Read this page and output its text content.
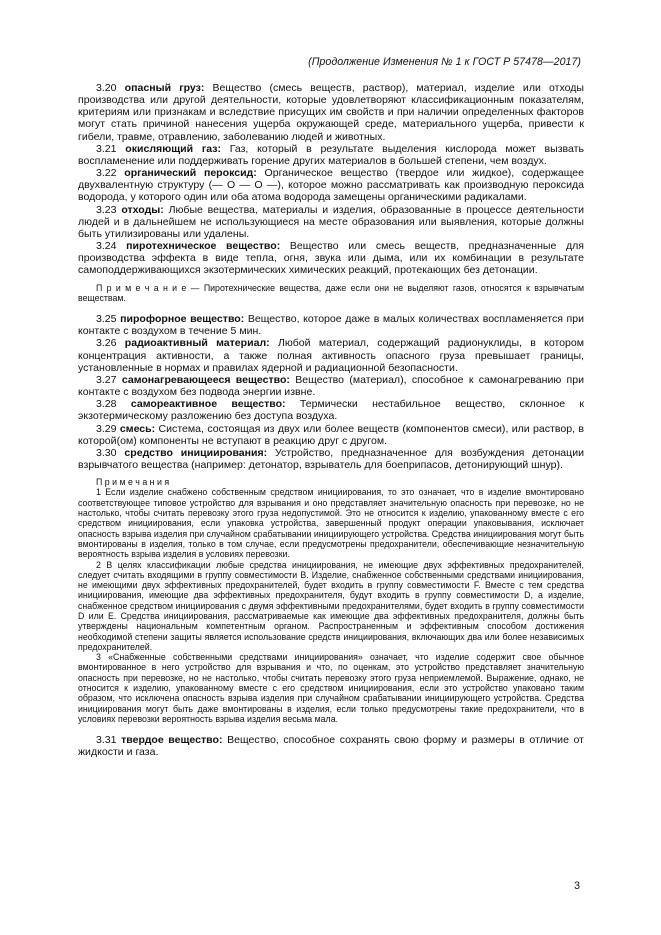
(Продолжение Изменения № 1 к ГОСТ Р 57478—2017)
3.20 опасный груз: Вещество (смесь веществ, раствор), материал, изделие или отходы производства или другой деятельности, которые удовлетворяют классификационным показателям, критериям или признакам и вследствие присущих им свойств и при наличии определенных факторов могут стать причиной нанесения ущерба окружающей среде, материального ущерба, привести к гибели, травме, отравлению, заболеванию людей и животных.
3.21 окисляющий газ: Газ, который в результате выделения кислорода может вызвать воспламенение или поддерживать горение других материалов в большей степени, чем воздух.
3.22 органический пероксид: Органическое вещество (твердое или жидкое), содержащее двухвалентную структуру (— О — О —), которое можно рассматривать как производную пероксида водорода, у которого один или оба атома водорода замещены органическими радикалами.
3.23 отходы: Любые вещества, материалы и изделия, образованные в процессе деятельности людей и в дальнейшем не использующиеся на месте образования или выявления, которые должны быть утилизированы или удалены.
3.24 пиротехническое вещество: Вещество или смесь веществ, предназначенные для производства эффекта в виде тепла, огня, звука или дыма, или их комбинации в результате самоподдерживающихся экзотермических химических реакций, протекающих без детонации.
П р и м е ч а н и е — Пиротехнические вещества, даже если они не выделяют газов, относятся к взрывчатым веществам.
3.25 пирофорное вещество: Вещество, которое даже в малых количествах воспламеняется при контакте с воздухом в течение 5 мин.
3.26 радиоактивный материал: Любой материал, содержащий радионуклиды, в котором концентрация активности, а также полная активность опасного груза превышает границы, установленные в нормах и правилах ядерной и радиационной безопасности.
3.27 самонагревающееся вещество: Вещество (материал), способное к самонагреванию при контакте с воздухом без подвода энергии извне.
3.28 самореактивное вещество: Термически нестабильное вещество, склонное к экзотермическому разложению без доступа воздуха.
3.29 смесь: Система, состоящая из двух или более веществ (компонентов смеси), или раствор, в которой(ом) компоненты не вступают в реакцию друг с другом.
3.30 средство инициирования: Устройство, предназначенное для возбуждения детонации взрывчатого вещества (например: детонатор, взрыватель для боеприпасов, детонирующий шнур).
П р и м е ч а н и я
1 Если изделие снабжено собственным средством инициирования, то это означает, что в изделие вмонтировано соответствующее типовое устройство для взрывания и оно представляет значительную опасность при перевозке, но не настолько, чтобы считать перевозку этого груза недопустимой. Это не относится к изделию, упакованному вместе с его средством инициирования, если упаковка устройства, завершенный продукт операции упаковывания, исключает опасность взрыва изделия при случайном срабатывании инициирующего устройства. Средства инициирования могут быть вмонтированы в изделия, только в том случае, если предусмотрены предохранители, обеспечивающие незначительную вероятность взрыва изделия в условиях перевозки.
2 В целях классификации любые средства инициирования, не имеющие двух эффективных предохранителей, следует считать входящими в группу совместимости В. Изделие, снабженное собственными средствами инициирования, не имеющими двух эффективных предохранителей, будет входить в группу совместимости F. Вместе с тем средства инициирования, имеющие два эффективных предохранителя, будут входить в группу совместимости D, а изделие, снабженное средством инициирования с двумя эффективными предохранителями, будет входить в группу совместимости D или Е. Средства инициирования, рассматриваемые как имеющие два эффективных предохранителя, должны быть утверждены национальным компетентным органом. Распространенным и эффективным способом достижения необходимой степени защиты является использование средств инициирования, включающих два или более независимых предохранителей.
3 «Снабженные собственными средствами инициирования» означает, что изделие содержит свое обычное вмонтированное в него устройство для взрывания и что, по оценкам, это устройство представляет значительную опасность при перевозке, но не настолько, чтобы считать перевозку этого груза неприемлемой. Выражение, однако, не относится к изделию, упакованному вместе с его средством инициирования, если это устройство упаковано таким образом, что исключена опасность взрыва изделия при случайном срабатывании инициирующего устройства. Средства инициирования могут быть даже вмонтированы в изделия, если только предусмотрены такие предохранители, что в условиях перевозки вероятность взрыва изделия весьма мала.
3.31 твердое вещество: Вещество, способное сохранять свою форму и размеры в отличие от жидкости и газа.
3
